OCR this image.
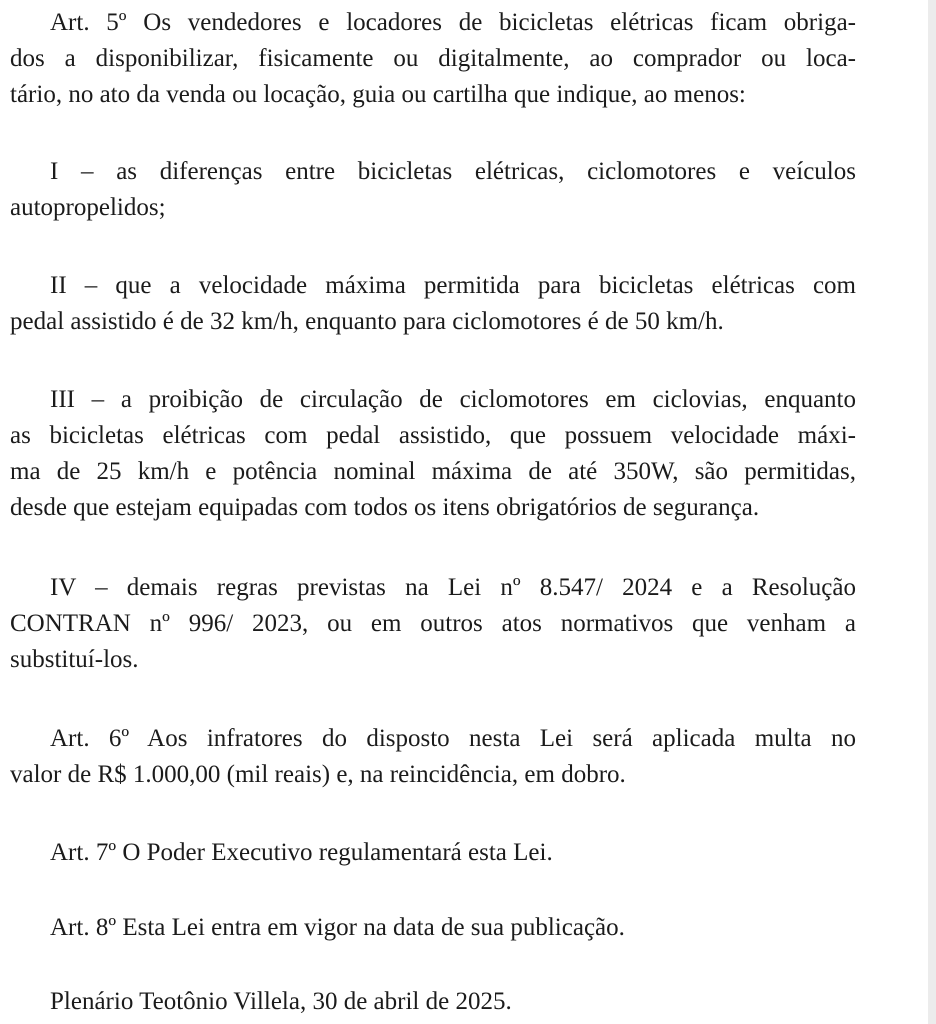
Art. 5º Os vendedores e locadores de bicicletas elétricas ficam obriga-
dos a disponibilizar, fisicamente ou digitalmente, ao comprador ou loca-
tário, no ato da venda ou locação, guia ou cartilha que indique, ao menos:
I – as diferenças entre bicicletas elétricas, ciclomotores e veículos
autopropelidos;
II – que a velocidade máxima permitida para bicicletas elétricas com
pedal assistido é de 32 km/h, enquanto para ciclomotores é de 50 km/h.
III – a proibição de circulação de ciclomotores em ciclovias, enquanto
as bicicletas elétricas com pedal assistido, que possuem velocidade máxi-
ma de 25 km/h e potência nominal máxima de até 350W, são permitidas,
desde que estejam equipadas com todos os itens obrigatórios de segurança.
IV – demais regras previstas na Lei nº 8.547/ 2024 e a Resolução
CONTRAN nº 996/ 2023, ou em outros atos normativos que venham a
substituí-los.
Art. 6º Aos infratores do disposto nesta Lei será aplicada multa no
valor de R$ 1.000,00 (mil reais) e, na reincidência, em dobro.
Art. 7º O Poder Executivo regulamentará esta Lei.
Art. 8º Esta Lei entra em vigor na data de sua publicação.
Plenário Teotônio Villela, 30 de abril de 2025.
